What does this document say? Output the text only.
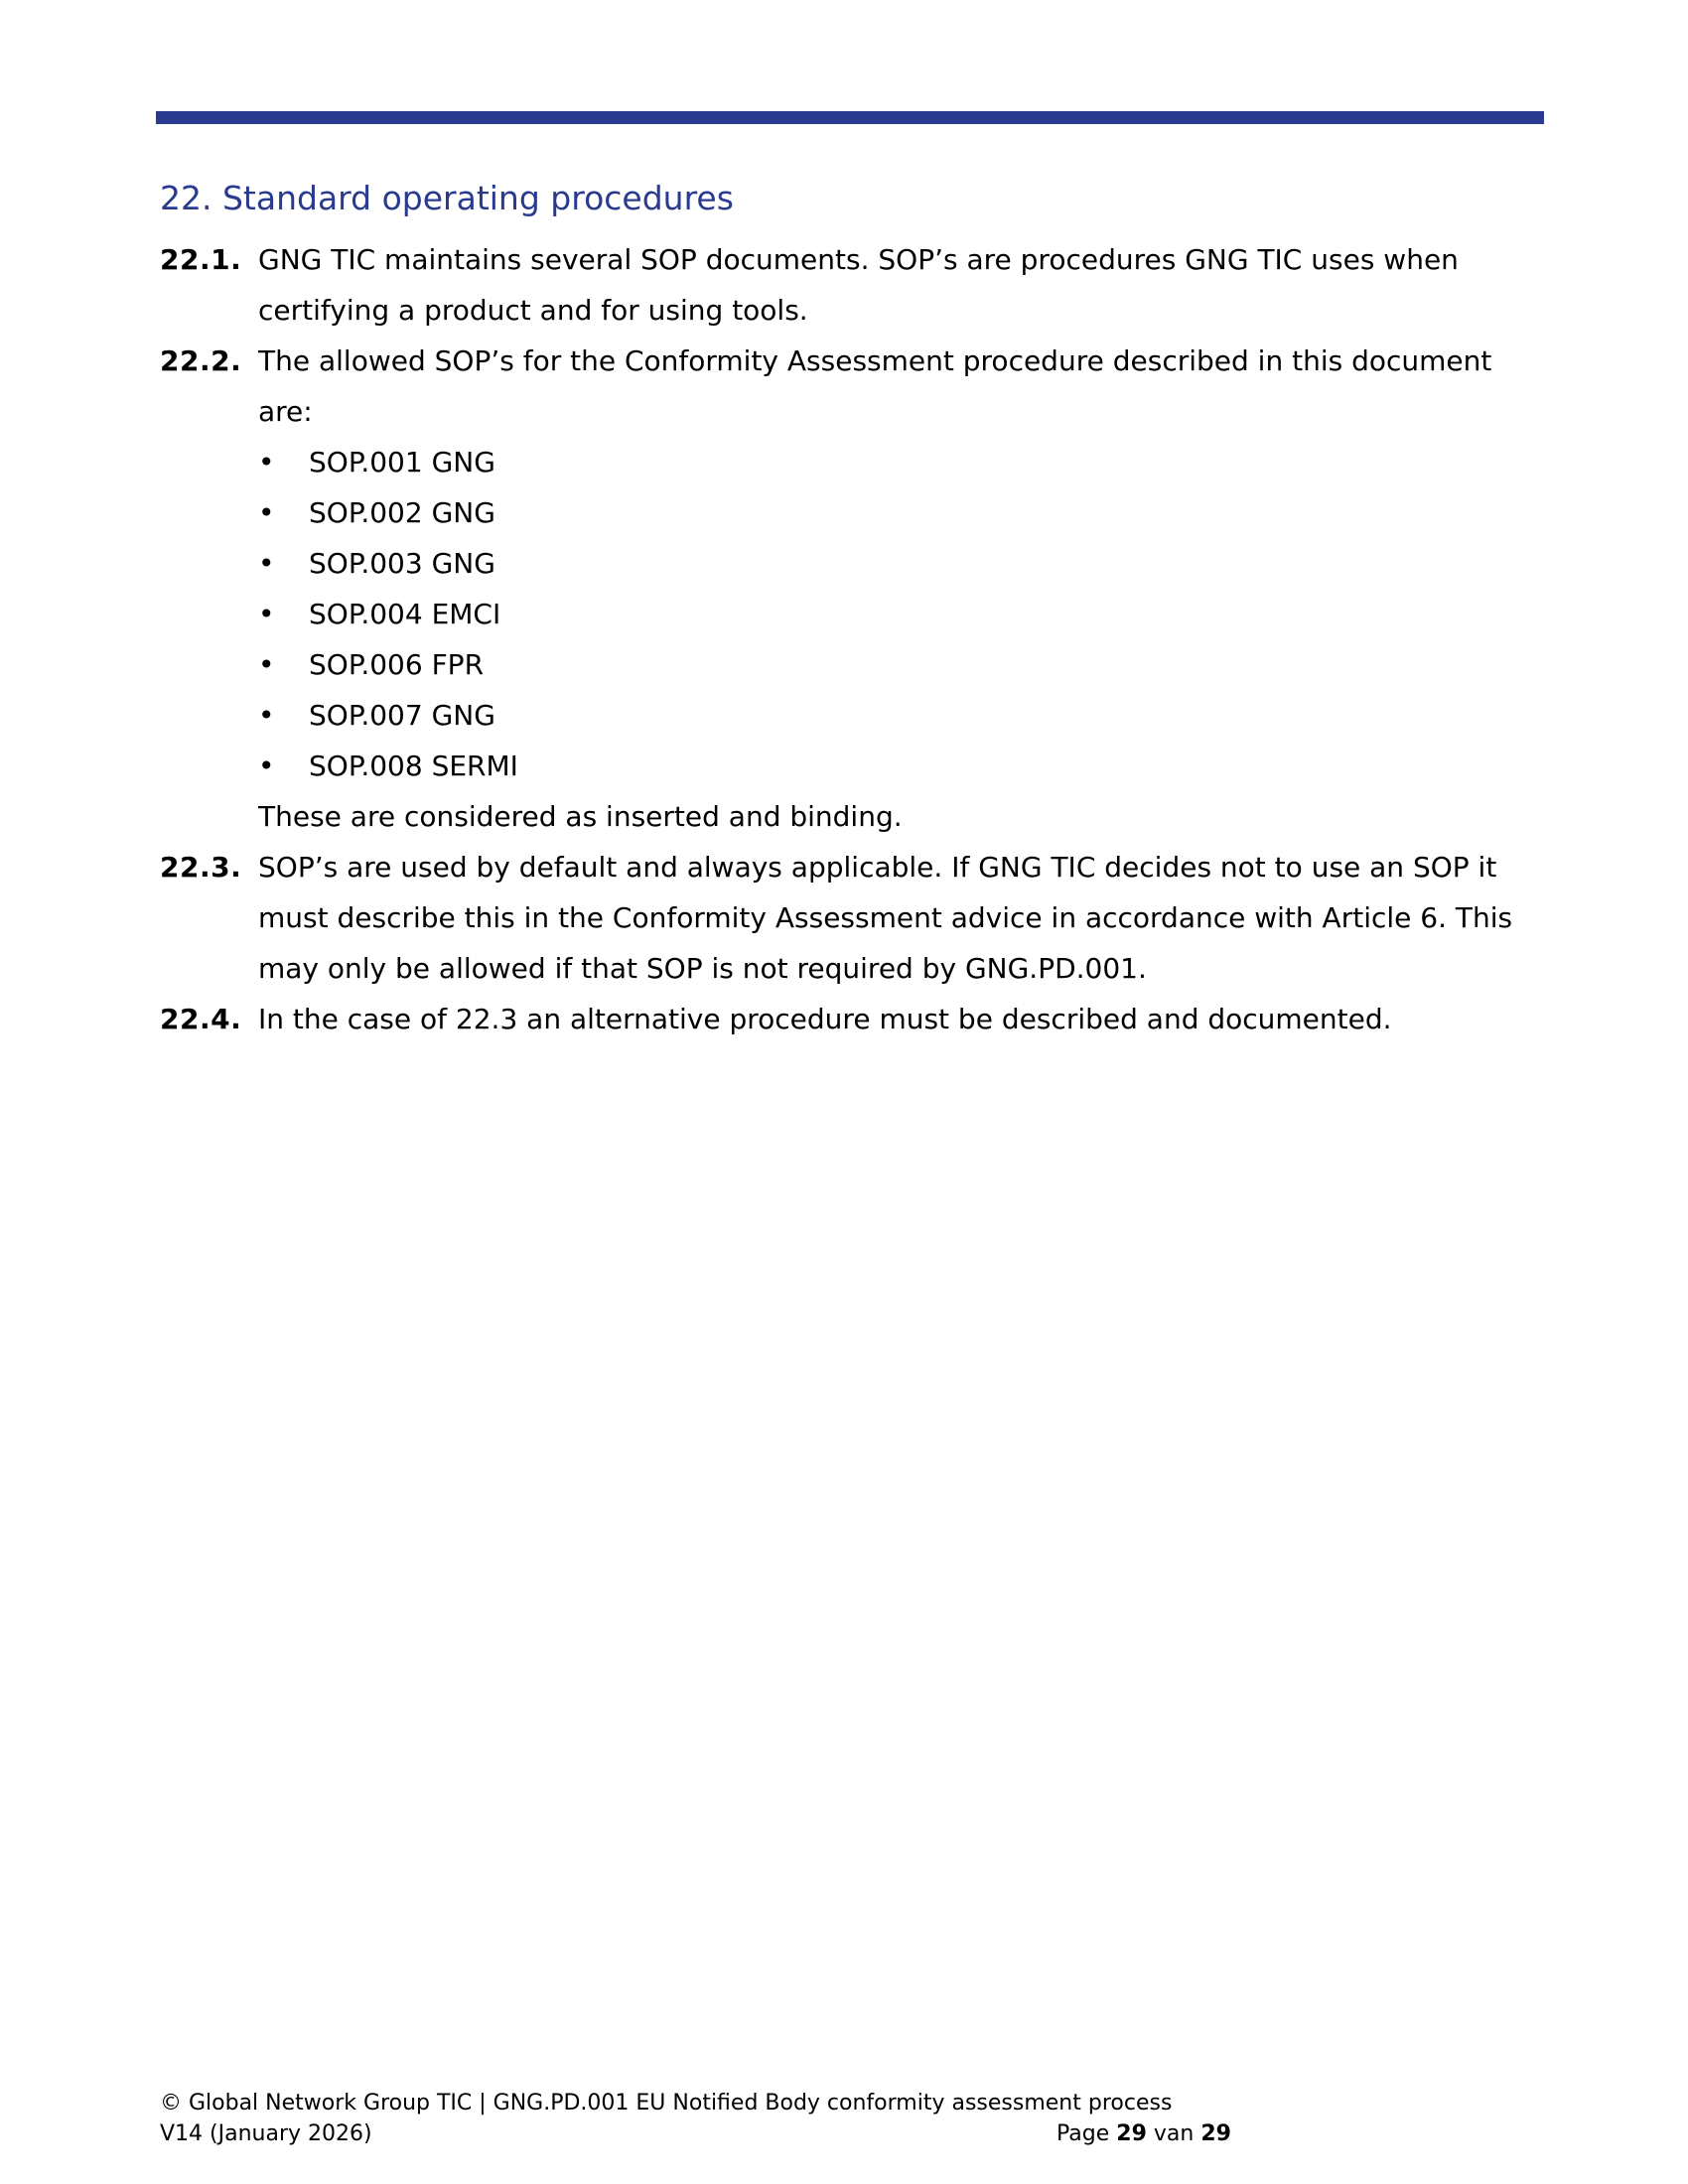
22. Standard operating procedures
22.1. GNG TIC maintains several SOP documents. SOP’s are procedures GNG TIC uses when certifying a product and for using tools.
22.2. The allowed SOP’s for the Conformity Assessment procedure described in this document are:
• SOP.001 GNG
• SOP.002 GNG
• SOP.003 GNG
• SOP.004 EMCI
• SOP.006 FPR
• SOP.007 GNG
• SOP.008 SERMI
These are considered as inserted and binding.
22.3. SOP’s are used by default and always applicable. If GNG TIC decides not to use an SOP it must describe this in the Conformity Assessment advice in accordance with Article 6. This may only be allowed if that SOP is not required by GNG.PD.001.
22.4. In the case of 22.3 an alternative procedure must be described and documented.
© Global Network Group TIC | GNG.PD.001 EU Notified Body conformity assessment process
V14 (January 2026)	Page 29 van 29
